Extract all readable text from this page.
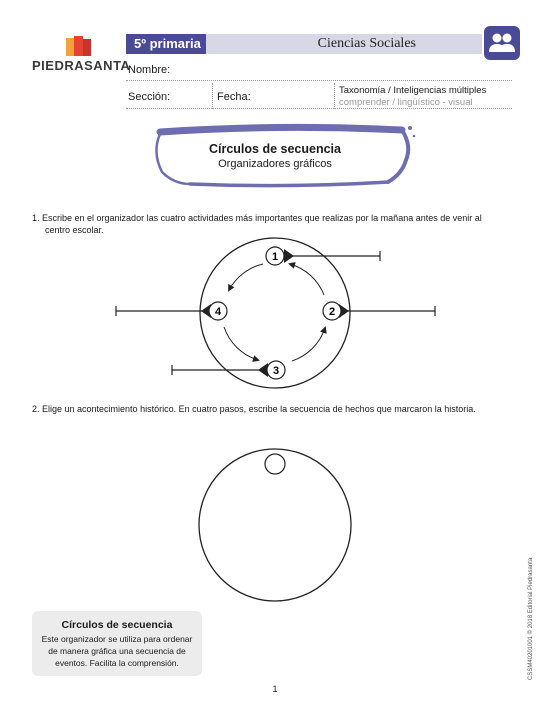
PIEDRASANTA
5º primaria	Ciencias Sociales
Nombre:
Sección:	Fecha:
Taxonomía / Inteligencias múltiples
comprender / lingüístico - visual
Círculos de secuencia
Organizadores gráficos
1. Escribe en el organizador las cuatro actividades más importantes que realizas por la mañana antes de venir al
centro escolar.
1
2
3
4
2. Elige un acontecimiento histórico. En cuatro pasos, escribe la secuencia de hechos que marcaron la historia.
Círculos de secuencia
Este organizador se utiliza para ordenar
de manera gráfica una secuencia de
eventos. Facilita la comprensión.
1
CSSM40201001 © 2018 Editorial Piedrasanta
